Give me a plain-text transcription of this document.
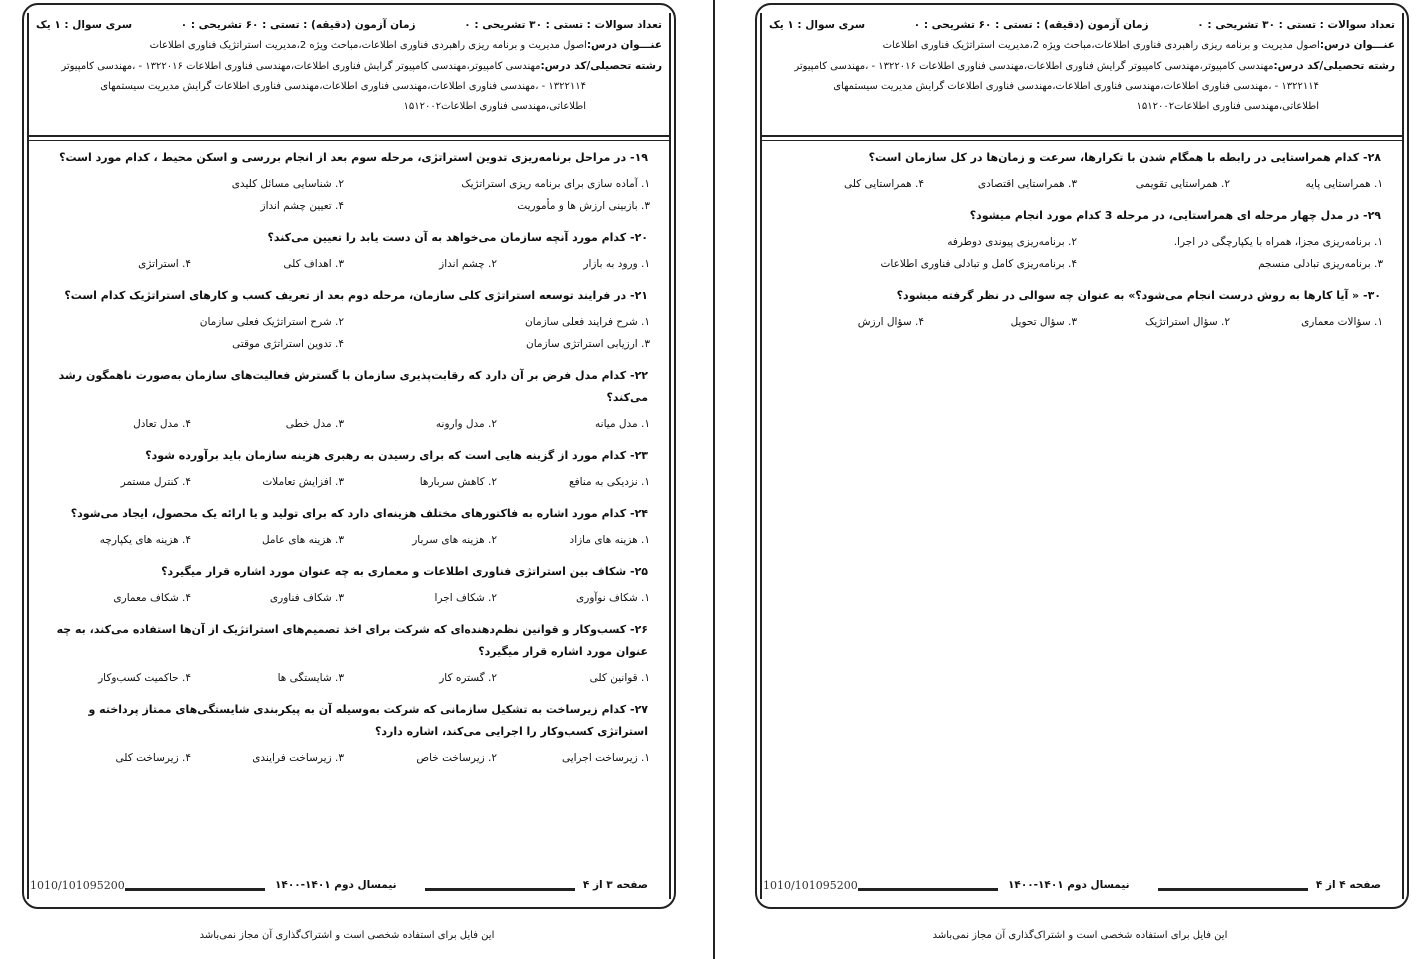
تعداد سوالات : تستی : ۳۰ تشریحی : ۰
زمان آزمون (دقیقه) : تستی : ۶۰ تشریحی : ۰
سری سوال : ۱ یک
عنـــوان درس:اصول مدیریت و برنامه ریزی راهبردی فناوری اطلاعات،مباحث ویژه 2،مدیریت استراتژیک فناوری اطلاعات
رشته تحصیلی/کد درس:مهندسی کامپیوتر،مهندسی کامپیوتر گرایش فناوری اطلاعات،مهندسی فناوری اطلاعات ۱۳۲۲۰۱۶ - ،مهندسی کامپیوتر
۱۳۲۲۱۱۴ - ،مهندسی فناوری اطلاعات،مهندسی فناوری اطلاعات،مهندسی فناوری اطلاعات گرایش مدیریت سیستمهای
اطلاعاتی،مهندسی فناوری اطلاعات۱۵۱۲۰۰۲
۱۹- در مراحل برنامه‌ریزی تدوین استراتژی، مرحله سوم بعد از انجام بررسی و اسکن محیط ، کدام مورد است؟
۱. آماده سازی برای برنامه ریزی استراتژیک
۲. شناسایی مسائل کلیدی
۳. بازبینی ارزش ها و مأموریت
۴. تعیین چشم انداز
۲۰- کدام مورد آنچه سازمان می‌خواهد به آن دست یابد را تعیین می‌کند؟
۱. ورود به بازار
۲. چشم انداز
۳. اهداف کلی
۴. استراتژی
۲۱- در فرایند توسعه استراتژی کلی سازمان، مرحله دوم بعد از تعریف کسب و کارهای استراتژیک کدام است؟
۱. شرح فرایند فعلی سازمان
۲. شرح استراتژیک فعلی سازمان
۳. ارزیابی استراتژی سازمان
۴. تدوین استراتژی موقتی
۲۲- کدام مدل فرض بر آن دارد که رقابت‌پذیری سازمان با گسترش فعالیت‌های سازمان به‌صورت ناهمگون رشد می‌کند؟
۱. مدل میانه
۲. مدل وارونه
۳. مدل خطی
۴. مدل تعادل
۲۳- کدام مورد از گزینه هایی است که برای رسیدن به رهبری هزینه سازمان باید برآورده شود؟
۱. نزدیکی به منافع
۲. کاهش سربارها
۳. افزایش تعاملات
۴. کنترل مستمر
۲۴- کدام مورد اشاره به فاکتورهای مختلف هزینه‌ای دارد که برای تولید و یا ارائه یک محصول، ایجاد می‌شود؟
۱. هزینه های مازاد
۲. هزینه های سربار
۳. هزینه های عامل
۴. هزینه های یکپارچه
۲۵- شکاف بین استراتژی فناوری اطلاعات و معماری به چه عنوان مورد اشاره قرار میگیرد؟
۱. شکاف نوآوری
۲. شکاف اجرا
۳. شکاف فناوری
۴. شکاف معماری
۲۶- کسب‌وکار و قوانین نظم‌دهنده‌ای که شرکت برای اخذ تصمیم‌های استراتژیک از آن‌ها استفاده می‌کند، به چه عنوان مورد اشاره قرار میگیرد؟
۱. قوانین کلی
۲. گستره کار
۳. شایستگی ها
۴. حاکمیت کسب‌وکار
۲۷- کدام زیرساخت به تشکیل سازمانی که شرکت به‌وسیله آن به پیکربندی شایستگی‌های ممتاز پرداخته و استراتژی کسب‌وکار را اجرایی می‌کند، اشاره دارد؟
۱. زیرساخت اجرایی
۲. زیرساخت خاص
۳. زیرساخت فرایندی
۴. زیرساخت کلی
1010/101095200	نیمسال دوم ۱۴۰۱-۱۴۰۰	صفحه ۳ از ۴
این فایل برای استفاده شخصی است و اشتراک‌گذاری آن مجاز نمی‌باشد
تعداد سوالات : تستی : ۳۰ تشریحی : ۰
زمان آزمون (دقیقه) : تستی : ۶۰ تشریحی : ۰
سری سوال : ۱ یک
عنـــوان درس:اصول مدیریت و برنامه ریزی راهبردی فناوری اطلاعات،مباحث ویژه 2،مدیریت استراتژیک فناوری اطلاعات
رشته تحصیلی/کد درس:مهندسی کامپیوتر،مهندسی کامپیوتر گرایش فناوری اطلاعات،مهندسی فناوری اطلاعات ۱۳۲۲۰۱۶ - ،مهندسی کامپیوتر
۱۳۲۲۱۱۴ - ،مهندسی فناوری اطلاعات،مهندسی فناوری اطلاعات،مهندسی فناوری اطلاعات گرایش مدیریت سیستمهای
اطلاعاتی،مهندسی فناوری اطلاعات۱۵۱۲۰۰۲
۲۸- کدام همراستایی در رابطه با همگام شدن با تکرارها، سرعت و زمان‌ها در کل سازمان است؟
۱. همراستایی پایه
۲. همراستایی تقویمی
۳. همراستایی اقتصادی
۴. همراستایی کلی
۲۹- در مدل چهار مرحله ای همراستایی، در مرحله 3 کدام مورد انجام میشود؟
۱. برنامه‌ریزی مجزا، همراه با یکپارچگی در اجرا.
۲. برنامه‌ریزی پیوندی دوطرفه
۳. برنامه‌ریزی تبادلی منسجم
۴. برنامه‌ریزی کامل و تبادلی فناوری اطلاعات
۳۰- « آیا کارها به روش درست انجام می‌شود؟» به عنوان چه سوالی در نظر گرفته میشود؟
۱. سؤالات معماری
۲. سؤال استراتژیک
۳. سؤال تحویل
۴. سؤال ارزش
1010/101095200	نیمسال دوم ۱۴۰۱-۱۴۰۰	صفحه ۴ از ۴
این فایل برای استفاده شخصی است و اشتراک‌گذاری آن مجاز نمی‌باشد
